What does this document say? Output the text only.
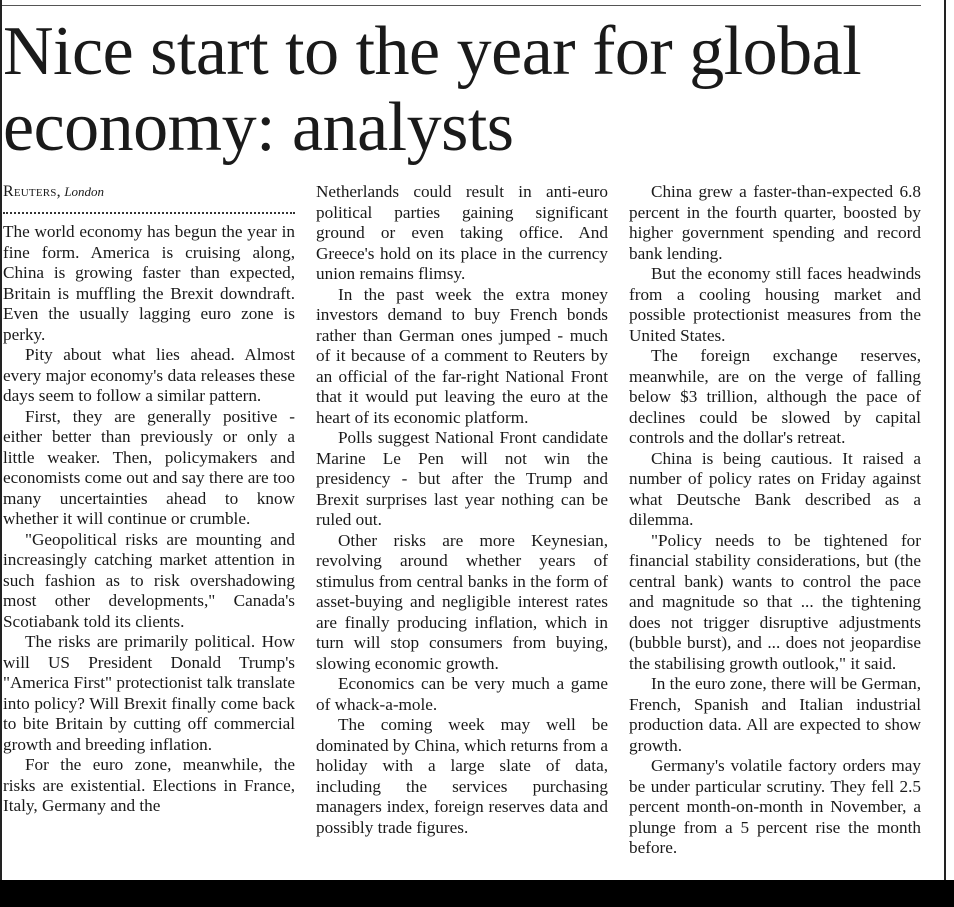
Nice start to the year for global economy: analysts
Reuters, London

The world economy has begun the year in fine form. America is cruising along, China is growing faster than expected, Britain is muffling the Brexit downdraft. Even the usually lagging euro zone is perky.

Pity about what lies ahead. Almost every major economy's data releases these days seem to follow a similar pattern.

First, they are generally positive - either better than previously or only a little weaker. Then, policymakers and economists come out and say there are too many uncertainties ahead to know whether it will continue or crumble.

"Geopolitical risks are mounting and increasingly catching market attention in such fashion as to risk overshadowing most other developments," Canada's Scotiabank told its clients.

The risks are primarily political. How will US President Donald Trump's "America First" protectionist talk translate into policy? Will Brexit finally come back to bite Britain by cutting off commercial growth and breeding inflation.

For the euro zone, meanwhile, the risks are existential. Elections in France, Italy, Germany and the

Netherlands could result in anti-euro political parties gaining significant ground or even taking office. And Greece's hold on its place in the currency union remains flimsy.

In the past week the extra money investors demand to buy French bonds rather than German ones jumped - much of it because of a comment to Reuters by an official of the far-right National Front that it would put leaving the euro at the heart of its economic platform.

Polls suggest National Front candidate Marine Le Pen will not win the presidency - but after the Trump and Brexit surprises last year nothing can be ruled out.

Other risks are more Keynesian, revolving around whether years of stimulus from central banks in the form of asset-buying and negligible interest rates are finally producing inflation, which in turn will stop consumers from buying, slowing economic growth.

Economics can be very much a game of whack-a-mole.

The coming week may well be dominated by China, which returns from a holiday with a large slate of data, including the services purchasing managers index, foreign reserves data and possibly trade figures.

China grew a faster-than-expected 6.8 percent in the fourth quarter, boosted by higher government spending and record bank lending.

But the economy still faces headwinds from a cooling housing market and possible protectionist measures from the United States.

The foreign exchange reserves, meanwhile, are on the verge of falling below $3 trillion, although the pace of declines could be slowed by capital controls and the dollar's retreat.

China is being cautious. It raised a number of policy rates on Friday against what Deutsche Bank described as a dilemma.

"Policy needs to be tightened for financial stability considerations, but (the central bank) wants to control the pace and magnitude so that ... the tightening does not trigger disruptive adjustments (bubble burst), and ... does not jeopardise the stabilising growth outlook," it said.

In the euro zone, there will be German, French, Spanish and Italian industrial production data. All are expected to show growth.

Germany's volatile factory orders may be under particular scrutiny. They fell 2.5 percent month-on-month in November, a plunge from a 5 percent rise the month before.
